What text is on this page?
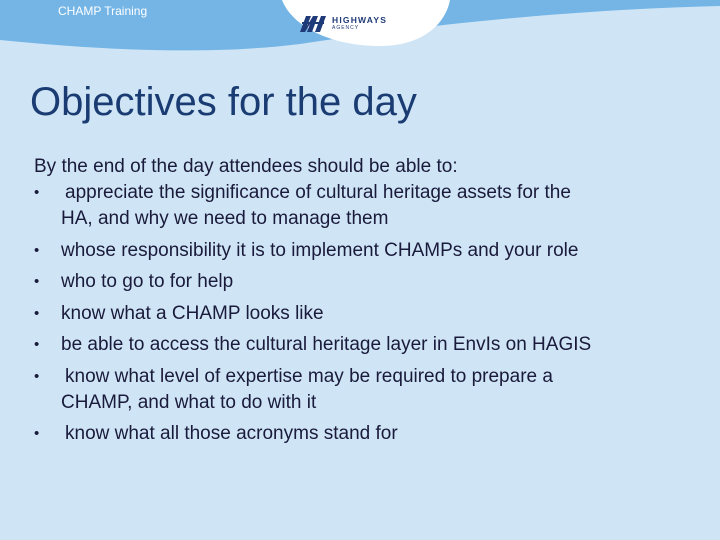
CHAMP Training
HIGHWAYS
AGENCY
Objectives for the day

By the end of the day attendees should be able to:

• appreciate the significance of cultural heritage assets for the
HA, and why we need to manage them
• whose responsibility it is to implement CHAMPs and your role
• who to go to for help
• know what a CHAMP looks like
• be able to access the cultural heritage layer in EnvIs on HAGIS
• know what level of expertise may be required to prepare a
CHAMP, and what to do with it
• know what all those acronyms stand for
